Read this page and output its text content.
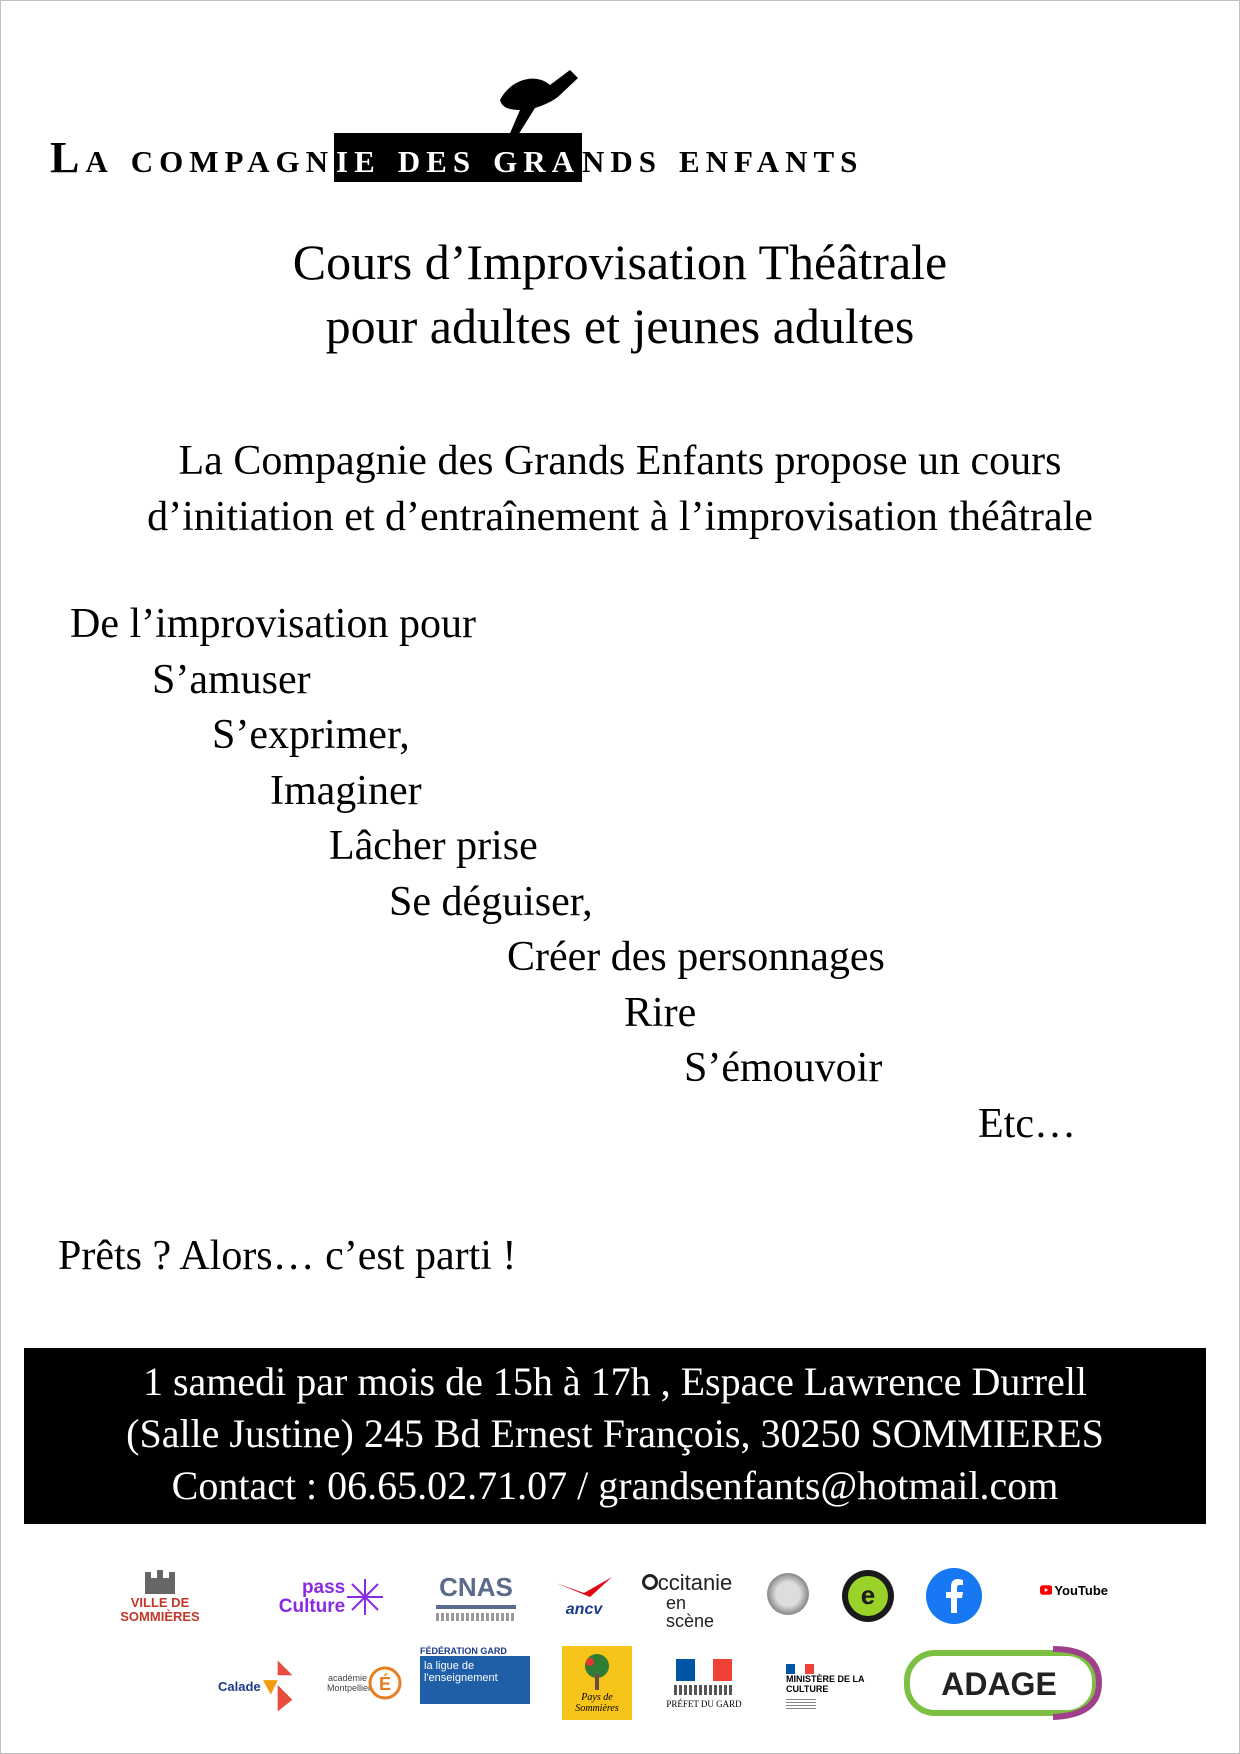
La compagnie des grands enfants
Cours d’Improvisation Théâtrale
pour adultes et jeunes adultes
La Compagnie des Grands Enfants propose un cours
d’initiation et d’entraînement à l’improvisation théâtrale
De l’improvisation pour
S’amuser
S’exprimer,
Imaginer
Lâcher prise
Se déguiser,
Créer des personnages
Rire
S’émouvoir
Etc…
Prêts ? Alors… c’est parti !
1 samedi par mois de 15h à 17h , Espace Lawrence Durrell
(Salle Justine) 245 Bd Ernest François, 30250 SOMMIERES
Contact : 06.65.02.71.07 / grandsenfants@hotmail.com
VILLE DE SOMMIÈRES
pass
Culture
CNAS
ancv
ccitanie
en scène
e	YouTube
Calade
académie Montpellier É
FÉDÉRATION GARD
la ligue de l'enseignement
Pays de Sommières	PRÉFET DU GARD
MINISTÈRE DE LA CULTURE	ADAGE
